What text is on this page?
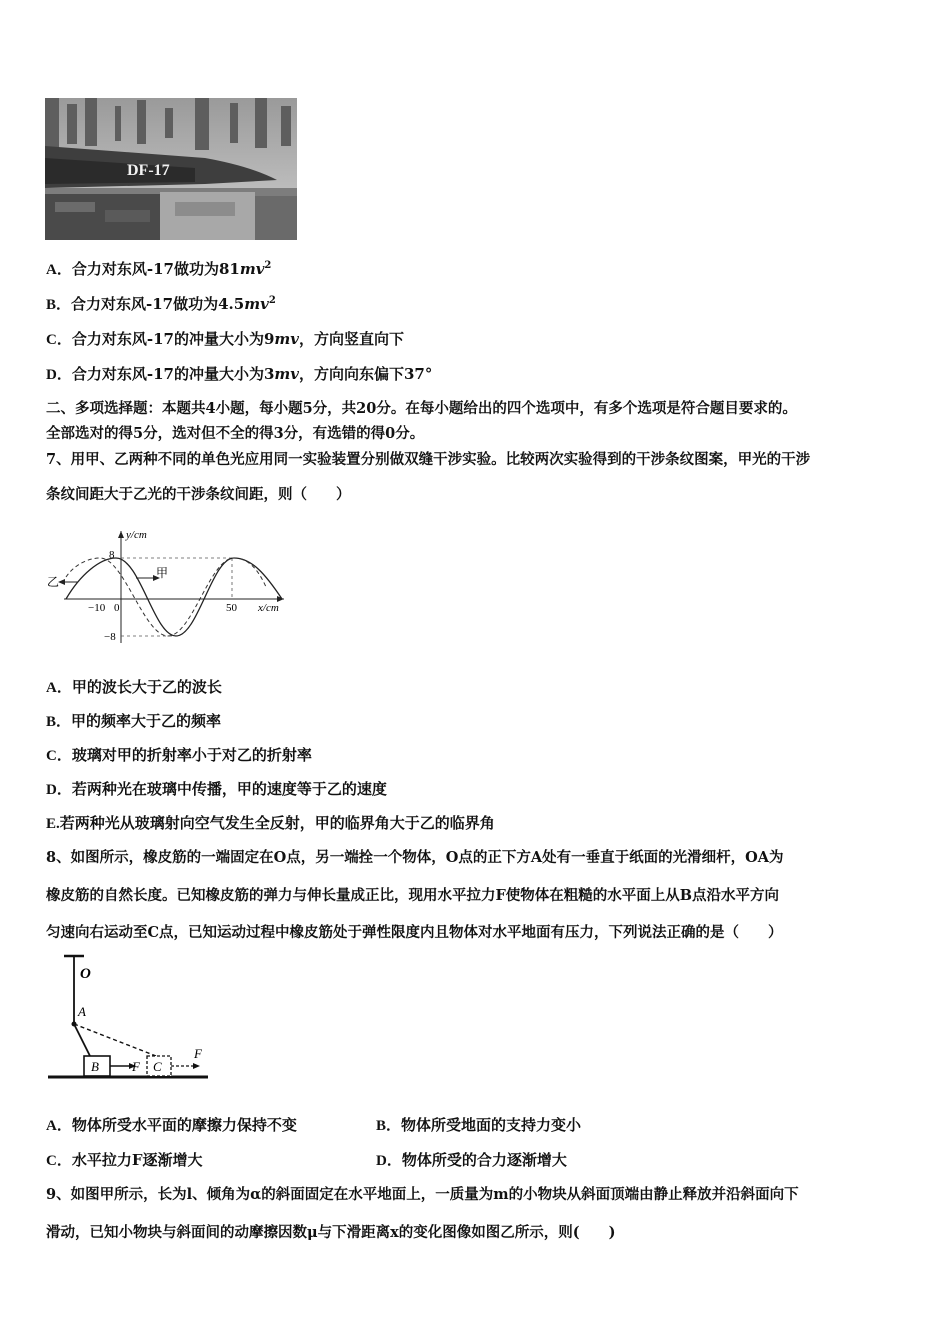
DF-17
A．合力对东风-17做功为$81mv^2$
B．合力对东风-17做功为$4.5mv^2$
C．合力对东风-17的冲量大小为9mv，方向竖直向下
D．合力对东风-17的冲量大小为3mv，方向向东偏下37°
二、多项选择题：本题共4小题，每小题5分，共20分。在每小题给出的四个选项中，有多个选项是符合题目要求的。
全部选对的得5分，选对但不全的得3分，有选错的得0分。
7、用甲、乙两种不同的单色光应用同一实验装置分别做双缝干涉实验。比较两次实验得到的干涉条纹图案，甲光的干涉
条纹间距大于乙光的干涉条纹间距，则（　　）
乙
甲
y/cm
x/cm
8
−8
−10 0	50
A．甲的波长大于乙的波长
B．甲的频率大于乙的频率
C．玻璃对甲的折射率小于对乙的折射率
D．若两种光在玻璃中传播，甲的速度等于乙的速度
E.若两种光从玻璃射向空气发生全反射，甲的临界角大于乙的临界角
8、如图所示，橡皮筋的一端固定在O点，另一端拴一个物体，O点的正下方A处有一垂直于纸面的光滑细杆，OA为
橡皮筋的自然长度。已知橡皮筋的弹力与伸长量成正比，现用水平拉力F使物体在粗糙的水平面上从B点沿水平方向
匀速向右运动至C点，已知运动过程中橡皮筋处于弹性限度内且物体对水平地面有压力，下列说法正确的是（　　）
O
A
B	C
F
F
A．物体所受水平面的摩擦力保持不变	B．物体所受地面的支持力变小
C．水平拉力F逐渐增大	D．物体所受的合力逐渐增大
9、如图甲所示，长为l、倾角为α的斜面固定在水平地面上，一质量为m的小物块从斜面顶端由静止释放并沿斜面向下
滑动，已知小物块与斜面间的动摩擦因数μ与下滑距离x的变化图像如图乙所示，则(　　)
